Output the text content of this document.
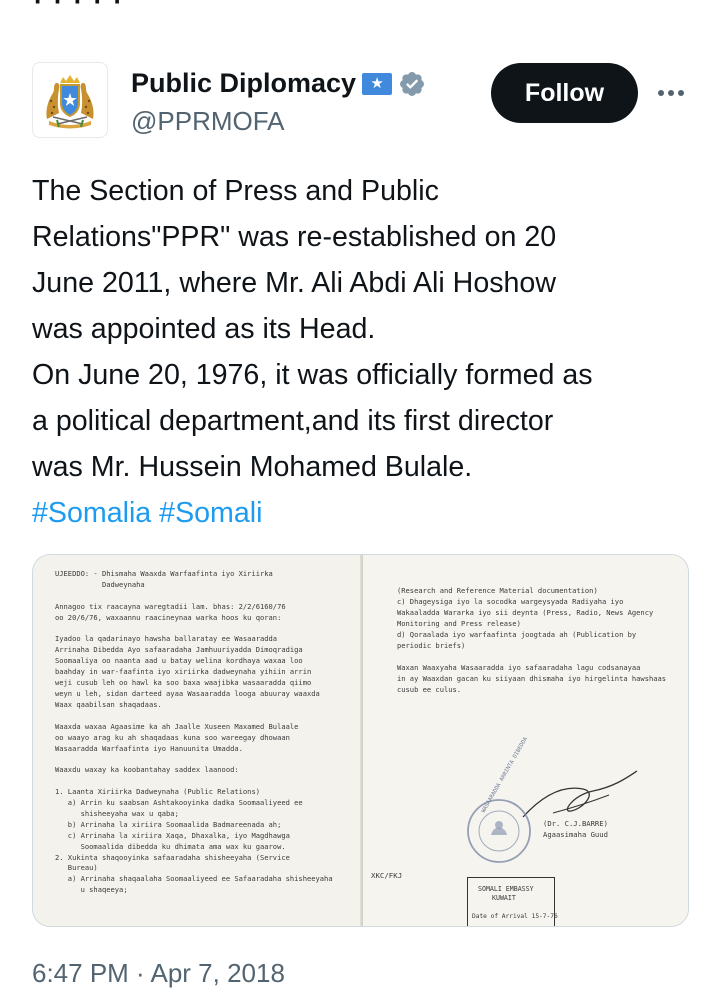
· · · · ·
Public Diplomacy ★
@PPRMOFA
Follow

The Section of Press and Public

Relations"PPR" was re-established on 20

June 2011, where Mr. Ali Abdi Ali Hoshow

was appointed as its Head.

On June 20, 1976, it was officially formed as

a political department,and its first director

was Mr. Hussein Mohamed Bulale.

#Somalia #Somali

UJEEDDO: - Dhismaha Waaxda Warfaafinta iyo Xiriirka
Dadweynaha

Annagoo tix raacayna waregtadii lam. bhas: 2/2/6160/76
oo 20/6/76, waxaannu raacineynaa warka hoos ku qoran:

Iyadoo la qadarinayo hawsha ballaratay ee Wasaaradda
Arrinaha Dibedda Ayo safaaradaha Jamhuuriyadda Dimoqradiga
Soomaaliya oo naanta aad u batay welina kordhaya waxaa loo
baahday in war-faafinta iyo xiriirka dadweynaha yihiin arrin
weji cusub leh oo hawl ka soo baxa waajibka wasaaradda qiimo
weyn u leh, sidan darteed ayaa Wasaaradda looga abuuray waaxda
Waax qaabilsan shaqadaas.

Waaxda waxaa Agaasime ka ah Jaalle Xuseen Maxamed Bulaale
oo waayo arag ku ah shaqadaas kuna soo wareegay dhowaan
Wasaaradda Warfaafinta iyo Hanuunita Umadda.

Waaxdu waxay ka koobantahay saddex laanood:

1. Laanta Xiriirka Dadweynaha (Public Relations)
a) Arrin ku saabsan Ashtakooyinka dadka Soomaaliyeed ee
shisheeyaha wax u qaba;
b) Arrinaha la xiriira Soomaalida Badmareenada ah;
c) Arrinaha la xiriira Xaqa, Dhaxalka, iyo Magdhawga
Soomaalida dibedda ku dhimata ama wax ku gaarow.
2. Xukinta shaqooyinka safaaradaha shisheeyaha (Service
Bureau)
a) Arrinaha shaqaalaha Soomaaliyeed ee Safaaradaha shisheeyaha
u shaqeeya;
(Research and Reference Material documentation)
c) Dhageysiga iyo la socodka wargeysyada Radiyaha iyo
Wakaaladda Wararka iyo sii deynta (Press, Radio, News Agency
Monitoring and Press release)
d) Qoraalada iyo warfaafinta joogtada ah (Publication by
periodic briefs)

Waxan Waaxyaha Wasaaradda iyo safaaradaha lagu codsanayaa
in ay Waaxdan gacan ku siiyaan dhismaha iyo hirgelinta hawshaas
cusub ee culus.
(Dr. C.J.BARRE)
Agaasimaha Guud
WASAARADDA ARRINTA DIBEDDA
XKC/FKJ
SOMALI EMBASSY
KUWAIT
Date of Arrival 15-7-76
6:47 PM · Apr 7, 2018
